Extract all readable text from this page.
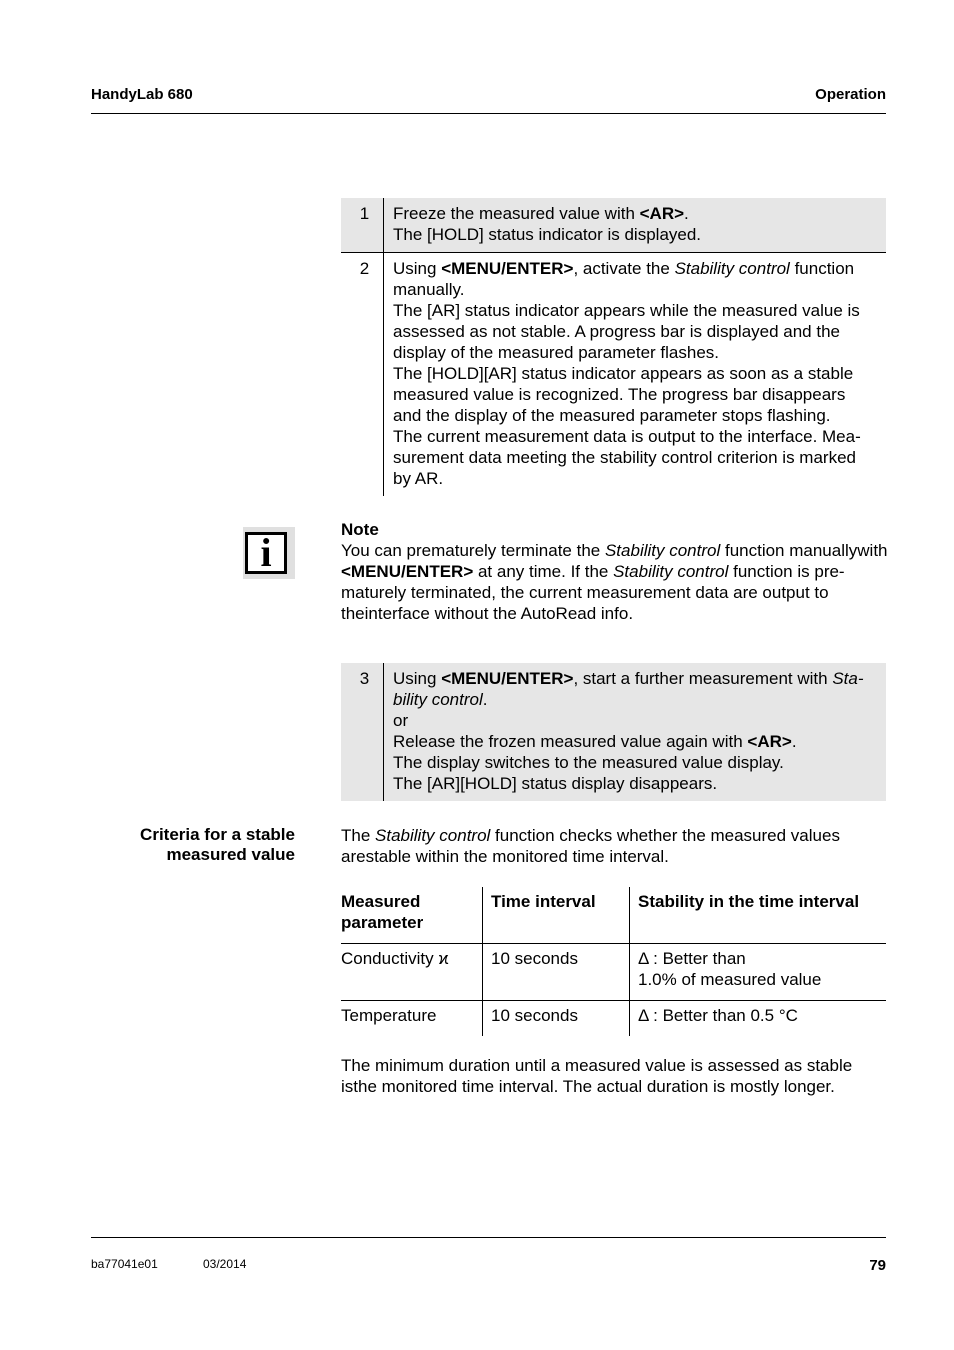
HandyLab 680	Operation
1	Freeze the measured value with <AR>.
The [HOLD] status indicator is displayed.
2	Using <MENU/ENTER>, activate the Stability control function
manually.
The [AR] status indicator appears while the measured value is
assessed as not stable. A progress bar is displayed and the
display of the measured parameter flashes.
The [HOLD][AR] status indicator appears as soon as a stable
measured value is recognized. The progress bar disappears
and the display of the measured parameter stops flashing.
The current measurement data is output to the interface. Mea-
surement data meeting the stability control criterion is marked
by AR.
i
Note
You can prematurely terminate the Stability control function manuallywith <MENU/ENTER> at any time. If the Stability control function is pre-maturely terminated, the current measurement data are output to theinterface without the AutoRead info.
3	Using <MENU/ENTER>, start a further measurement with Sta-
bility control.
or
Release the frozen measured value again with <AR>.
The display switches to the measured value display.
The [AR][HOLD] status display disappears.
Criteria for a stable
measured value
The Stability control function checks whether the measured values arestable within the monitored time interval.
Measured
parameter	Time interval	Stability in the time interval
Conductivity ϰ	10 seconds	Δ : Better than
1.0% of measured value
Temperature	10 seconds	Δ : Better than 0.5 °C
The minimum duration until a measured value is assessed as stable isthe monitored time interval. The actual duration is mostly longer.
ba77041e01	03/2014	79
